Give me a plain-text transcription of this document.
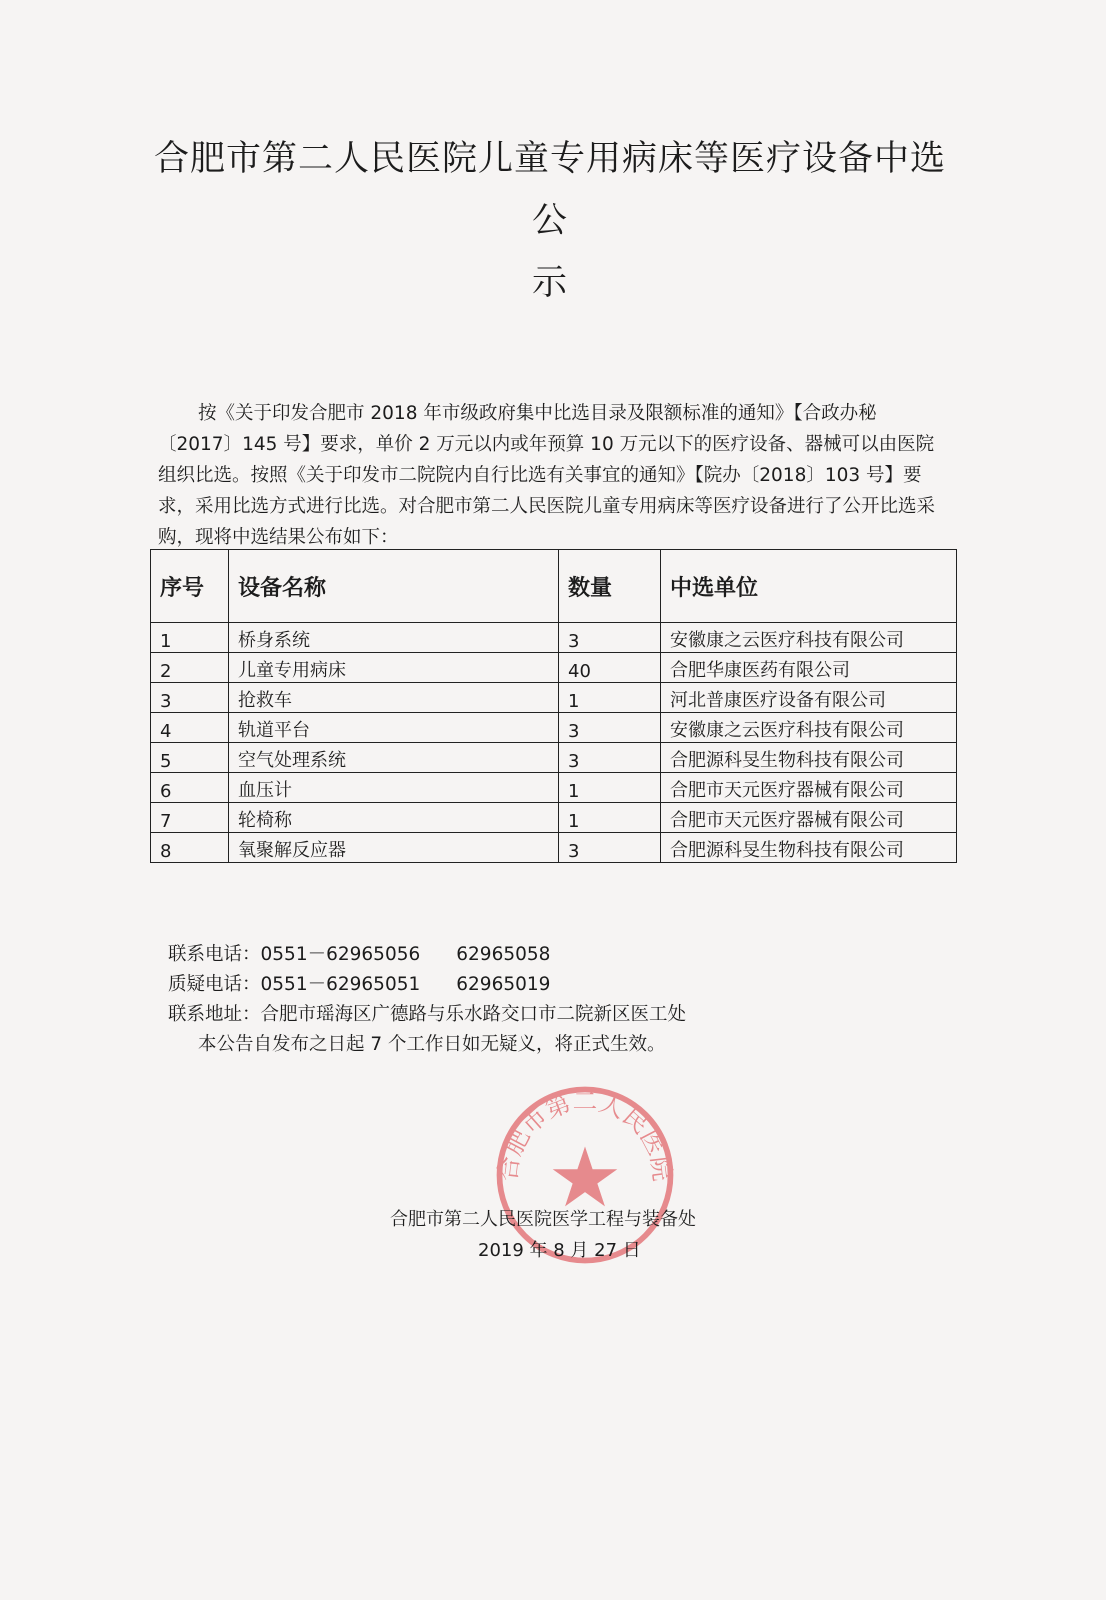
合肥市第二人民医院儿童专用病床等医疗设备中选公
示

按《关于印发合肥市 2018 年市级政府集中比选目录及限额标准的通知》【合政办秘〔2017〕145 号】要求，单价 2 万元以内或年预算 10 万元以下的医疗设备、器械可以由医院组织比选。按照《关于印发市二院院内自行比选有关事宜的通知》【院办〔2018〕103 号】要求，采用比选方式进行比选。对合肥市第二人民医院儿童专用病床等医疗设备进行了公开比选采购，现将中选结果公布如下：

序号	设备名称	数量	中选单位
1	桥身系统	3	安徽康之云医疗科技有限公司
2	儿童专用病床	40	合肥华康医药有限公司
3	抢救车	1	河北普康医疗设备有限公司
4	轨道平台	3	安徽康之云医疗科技有限公司
5	空气处理系统	3	合肥源科旻生物科技有限公司
6	血压计	1	合肥市天元医疗器械有限公司
7	轮椅称	1	合肥市天元医疗器械有限公司
8	氧聚解反应器	3	合肥源科旻生物科技有限公司
联系电话：0551－62965056 62965058
质疑电话：0551－62965051 62965019
联系地址：合肥市瑶海区广德路与乐水路交口市二院新区医工处
本公告自发布之日起 7 个工作日如无疑义，将正式生效。
合肥市第二人民医院
合肥市第二人民医院医学工程与装备处
2019 年 8 月 27 日
